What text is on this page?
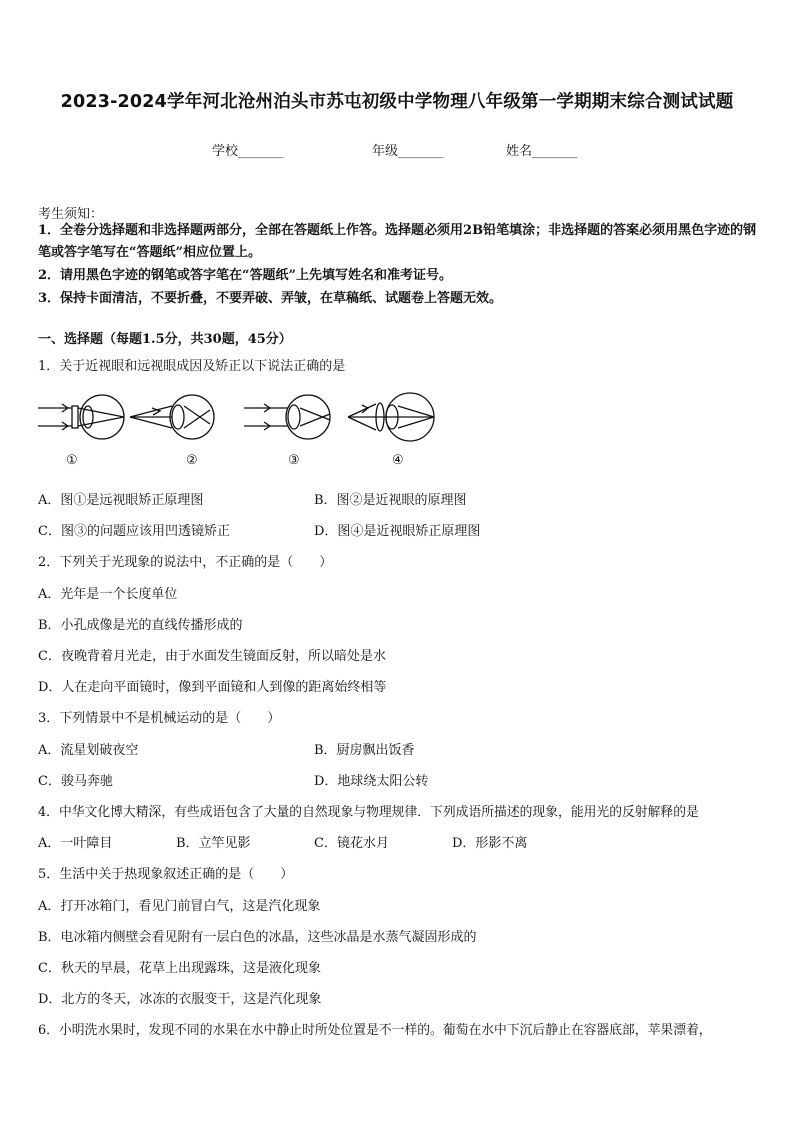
2023-2024学年河北沧州泊头市苏屯初级中学物理八年级第一学期期末综合测试试题
学校_______	年级_______	姓名_______
考生须知：
1．全卷分选择题和非选择题两部分，全部在答题纸上作答。选择题必须用2B铅笔填涂；非选择题的答案必须用黑色字迹的钢笔或答字笔写在“答题纸”相应位置上。
2．请用黑色字迹的钢笔或答字笔在“答题纸”上先填写姓名和准考证号。
3．保持卡面清洁，不要折叠，不要弄破、弄皱，在草稿纸、试题卷上答题无效。
一、选择题（每题1.5分，共30题，45分）
1．关于近视眼和远视眼成因及矫正以下说法正确的是
①	②	③	④
A．图①是远视眼矫正原理图	B．图②是近视眼的原理图
C．图③的问题应该用凹透镜矫正	D．图④是近视眼矫正原理图
2．下列关于光现象的说法中，不正确的是（　　）
A．光年是一个长度单位
B．小孔成像是光的直线传播形成的
C．夜晚背着月光走，由于水面发生镜面反射，所以暗处是水
D．人在走向平面镜时，像到平面镜和人到像的距离始终相等
3．下列情景中不是机械运动的是（　　）
A．流星划破夜空	B．厨房飘出饭香
C．骏马奔驰	D．地球绕太阳公转
4．中华文化博大精深，有些成语包含了大量的自然现象与物理规律．下列成语所描述的现象，能用光的反射解释的是
A．一叶障目	B．立竿见影	C．镜花水月	D．形影不离
5．生活中关于热现象叙述正确的是（　　）
A．打开冰箱门，看见门前冒白气，这是汽化现象
B．电冰箱内侧壁会看见附有一层白色的冰晶，这些冰晶是水蒸气凝固形成的
C．秋天的早晨，花草上出现露珠，这是液化现象
D．北方的冬天，冰冻的衣服变干，这是汽化现象
6．小明洗水果时，发现不同的水果在水中静止时所处位置是不一样的。葡萄在水中下沉后静止在容器底部，苹果漂着，
